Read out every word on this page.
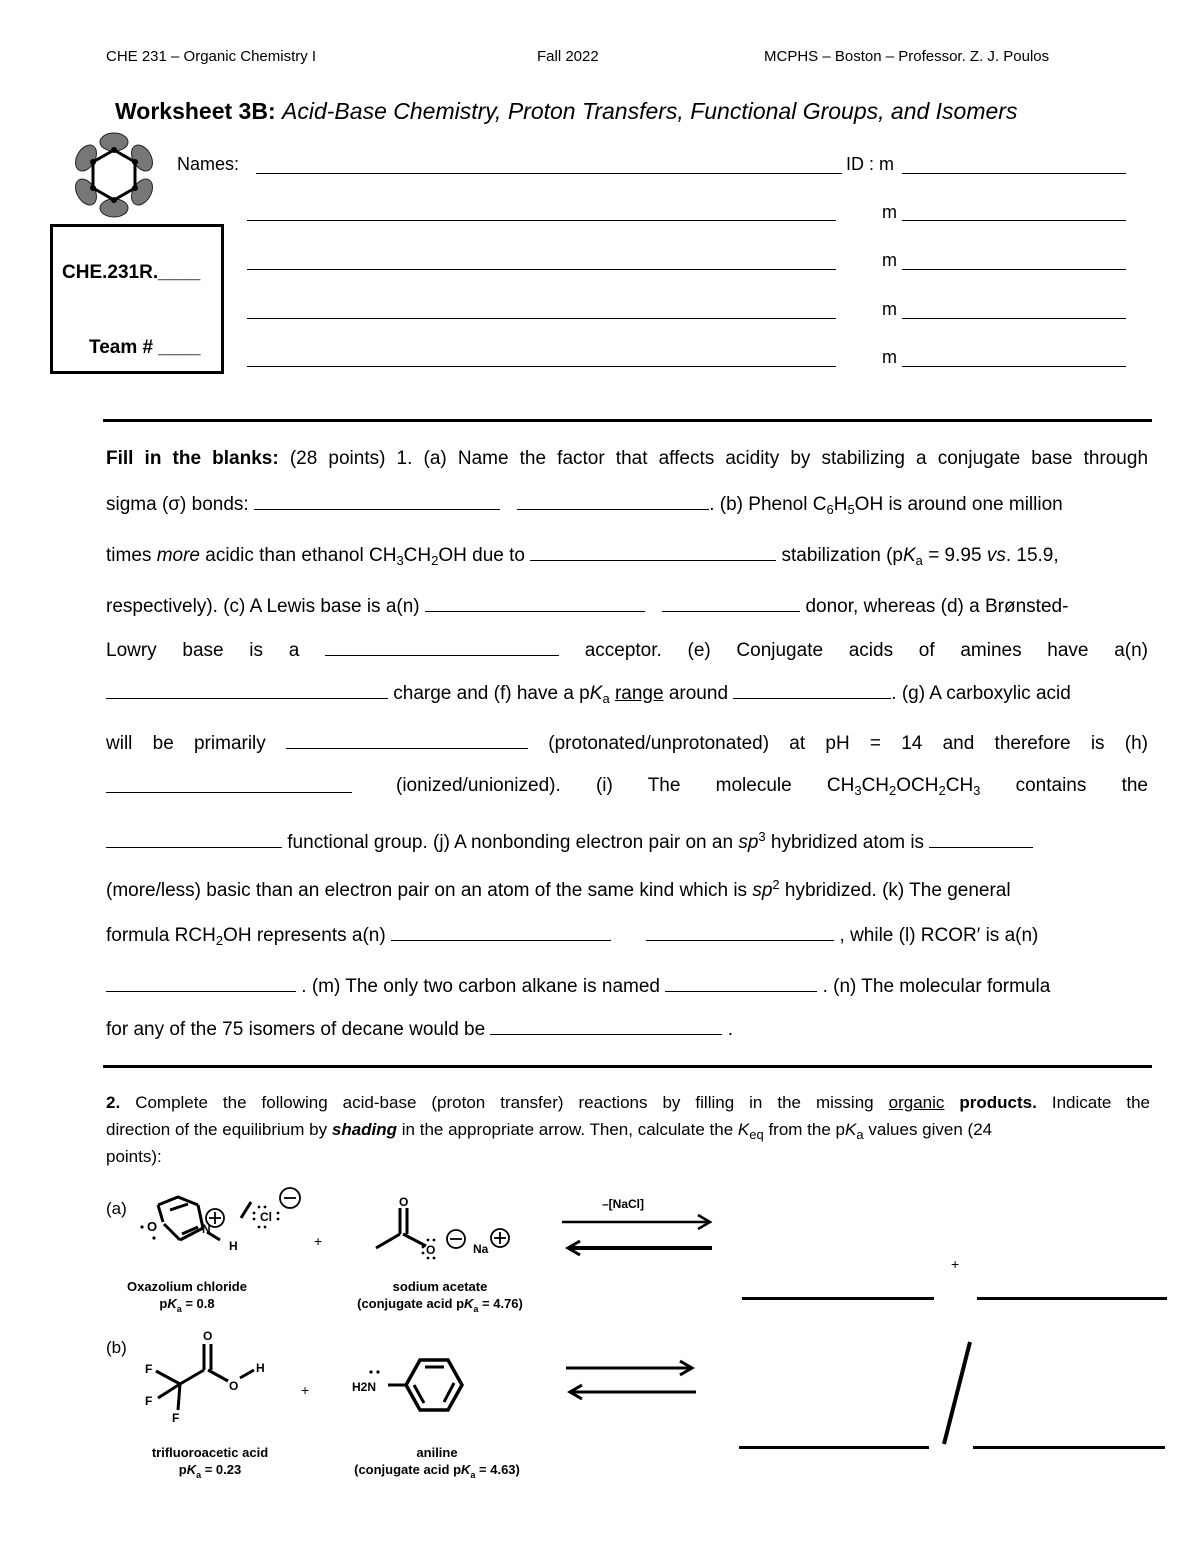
CHE 231 – Organic Chemistry I	Fall 2022	MCPHS – Boston – Professor. Z. J. Poulos
Worksheet 3B: Acid-Base Chemistry, Proton Transfers, Functional Groups, and Isomers
Names:	ID : m
m
m
m
m
CHE.231R.____
Team # ____
Fill in the blanks: (28 points) 1. (a) Name the factor that affects acidity by stabilizing a conjugate base through
sigma (σ) bonds:	. (b) Phenol $C_6H_5OH$ is around one million
times more acidic than ethanol $CH_3CH_2OH$ due to	stabilization ($pK_a = 9.95$ vs. 15.9,
respectively). (c) A Lewis base is a(n)	donor, whereas (d) a Brønsted-
Lowry base is a	acceptor. (e) Conjugate acids of amines have a(n)
charge and (f) have a $pK_a$ range around	. (g) A carboxylic acid
will be primarily	(protonated/unprotonated) at pH = 14 and therefore is (h)
(ionized/unionized). (i) The molecule $CH_3CH_2OCH_2CH_3$ contains the
functional group. (j) A nonbonding electron pair on an $sp^3$ hybridized atom is
(more/less) basic than an electron pair on an atom of the same kind which is $sp^2$ hybridized. (k) The general
formula $RCH_2OH$ represents a(n)	, while (l) RCOR′ is a(n)
. (m) The only two carbon alkane is named	. (n) The molecular formula
for any of the 75 isomers of decane would be	.
2. Complete the following acid-base (proton transfer) reactions by filling in the missing organic products. Indicate the
direction of the equilibrium by shading in the appropriate arrow. Then, calculate the $K_{eq}$ from the $pK_a$ values given (24
points):
(a)
O	N
H
Cl
+
O
O	Na
Oxazolium chloride
$pK_a = 0.8$
sodium acetate
(conjugate acid $pK_a = 4.76$)
–[NaCl]
+
(b)
O
O
H
F
F
F
+	H2N
trifluoroacetic acid
$pK_a = 0.23$
aniline
(conjugate acid $pK_a = 4.63$)
